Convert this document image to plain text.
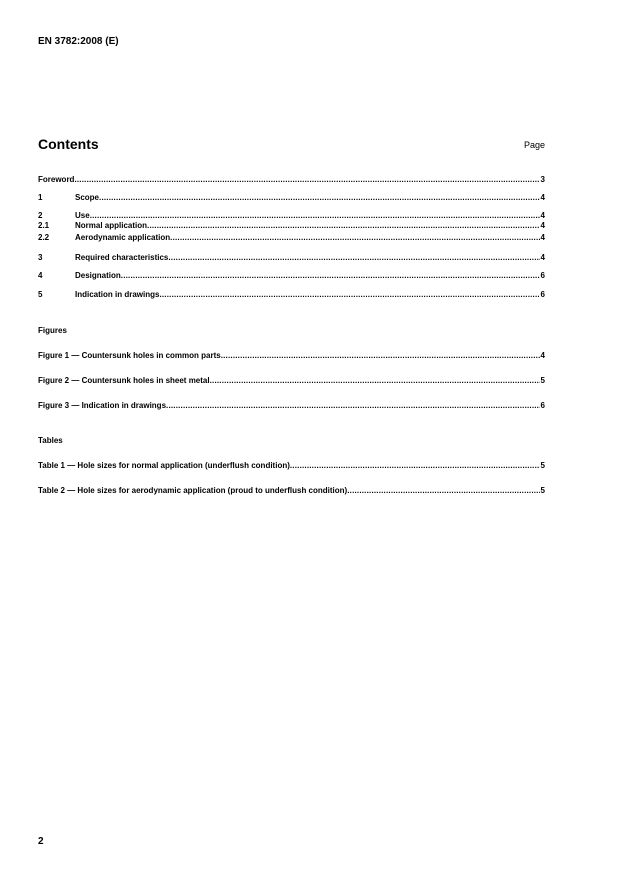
EN 3782:2008 (E)
Contents	Page
Foreword .....	3
1	Scope .....	4
2	Use .....	4
2.1	Normal application .....	4
2.2	Aerodynamic application .....	4
3	Required characteristics .....	4
4	Designation .....	6
5	Indication in drawings .....	6
Figures
Figure 1 — Countersunk holes in common parts .....	4
Figure 2 — Countersunk holes in sheet metal .....	5
Figure 3 — Indication in drawings .....	6
Tables
Table 1 — Hole sizes for normal application (underflush condition) .....	5
Table 2 — Hole sizes for aerodynamic application (proud to underflush condition) .....	5
2
